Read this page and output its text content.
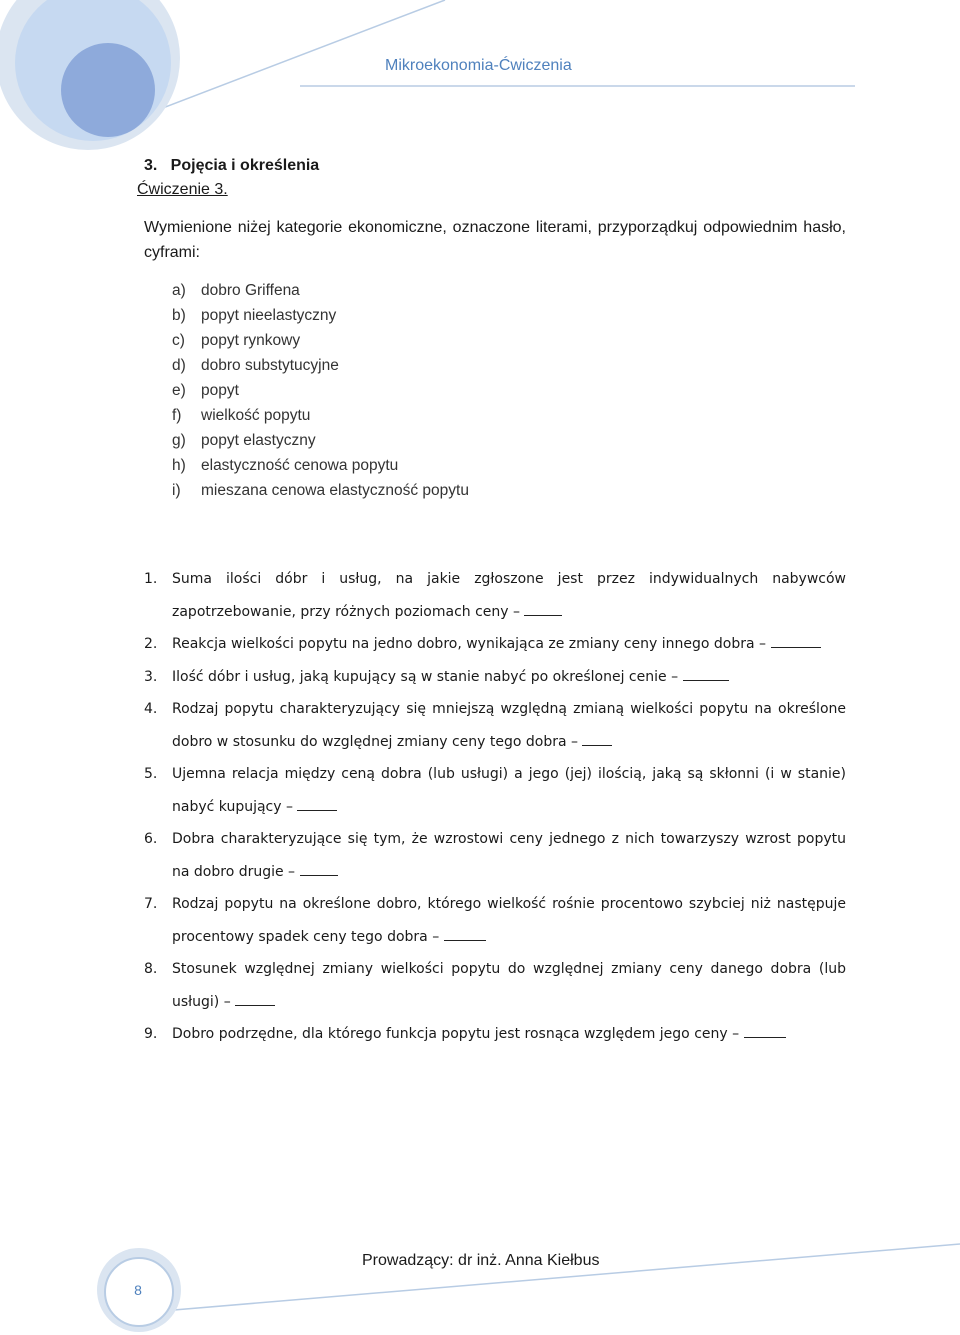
Mikroekonomia-Ćwiczenia
3.   Pojęcia i określenia
Ćwiczenie 3.
Wymienione niżej kategorie ekonomiczne, oznaczone literami, przyporządkuj odpowiednim hasło, cyframi:
a) dobro Griffena
b) popyt nieelastyczny
c) popyt rynkowy
d) dobro substytucyjne
e) popyt
f) wielkość popytu
g) popyt elastyczny
h) elastyczność cenowa popytu
i) mieszana cenowa elastyczność popytu
1. Suma ilości dóbr i usług, na jakie zgłoszone jest przez indywidualnych nabywców zapotrzebowanie, przy różnych poziomach ceny –
2. Reakcja wielkości popytu na jedno dobro, wynikająca ze zmiany ceny innego dobra –
3. Ilość dóbr i usług, jaką kupujący są w stanie nabyć po określonej cenie –
4. Rodzaj popytu charakteryzujący się mniejszą względną zmianą wielkości popytu na określone dobro w stosunku do względnej zmiany ceny tego dobra –
5. Ujemna relacja między ceną dobra (lub usługi) a jego (jej) ilością, jaką są skłonni (i w stanie) nabyć kupujący –
6. Dobra charakteryzujące się tym, że wzrostowi ceny jednego z nich towarzyszy wzrost popytu na dobro drugie –
7. Rodzaj popytu na określone dobro, którego wielkość rośnie procentowo szybciej niż następuje procentowy spadek ceny tego dobra –
8. Stosunek względnej zmiany wielkości popytu do względnej zmiany ceny danego dobra (lub usługi) –
9. Dobro podrzędne, dla którego funkcja popytu jest rosnąca względem jego ceny –
Prowadzący: dr inż. Anna Kiełbus
8
